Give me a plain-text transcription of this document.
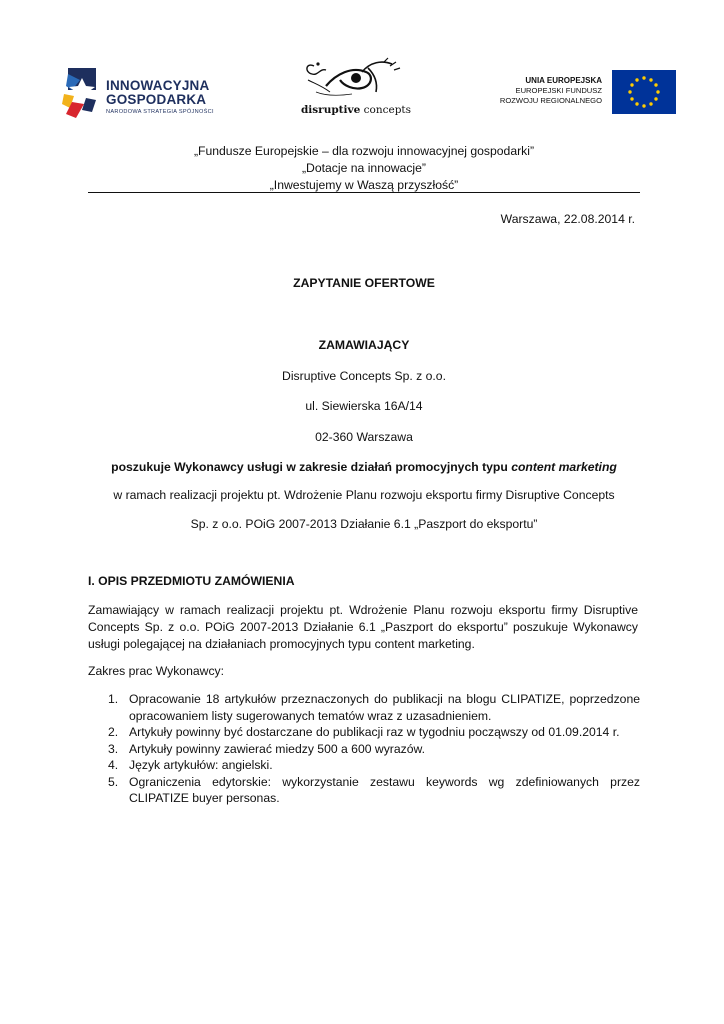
INNOWACYJNA
GOSPODARKA
NARODOWA STRATEGIA SPÓJNOŚCI	disruptive concepts
UNIA EUROPEJSKA
EUROPEJSKI FUNDUSZ
ROZWOJU REGIONALNEGO
„Fundusze Europejskie – dla rozwoju innowacyjnej gospodarki”
„Dotacje na innowacje”
„Inwestujemy w Waszą przyszłość”
Warszawa, 22.08.2014 r.
ZAPYTANIE OFERTOWE
ZAMAWIAJĄCY
Disruptive Concepts Sp. z o.o.
ul. Siewierska 16A/14
02-360 Warszawa
poszukuje Wykonawcy usługi w zakresie działań promocyjnych typu content marketing
w ramach realizacji projektu pt. Wdrożenie Planu rozwoju eksportu firmy Disruptive Concepts
Sp. z o.o. POiG 2007-2013 Działanie 6.1 „Paszport do eksportu”
I. OPIS PRZEDMIOTU ZAMÓWIENIA
Zamawiający w ramach realizacji projektu pt. Wdrożenie Planu rozwoju eksportu firmy Disruptive Concepts Sp. z o.o. POiG 2007-2013 Działanie 6.1 „Paszport do eksportu” poszukuje Wykonawcy usługi polegającej na działaniach promocyjnych typu content marketing.
Zakres prac Wykonawcy:
1. Opracowanie 18 artykułów przeznaczonych do publikacji na blogu CLIPATIZE, poprzedzone opracowaniem listy sugerowanych tematów wraz z uzasadnieniem.
2. Artykuły powinny być dostarczane do publikacji raz w tygodniu począwszy od 01.09.2014 r.
3. Artykuły powinny zawierać miedzy 500 a 600 wyrazów.
4. Język artykułów: angielski.
5. Ograniczenia edytorskie: wykorzystanie zestawu keywords wg zdefiniowanych przez CLIPATIZE buyer personas.
